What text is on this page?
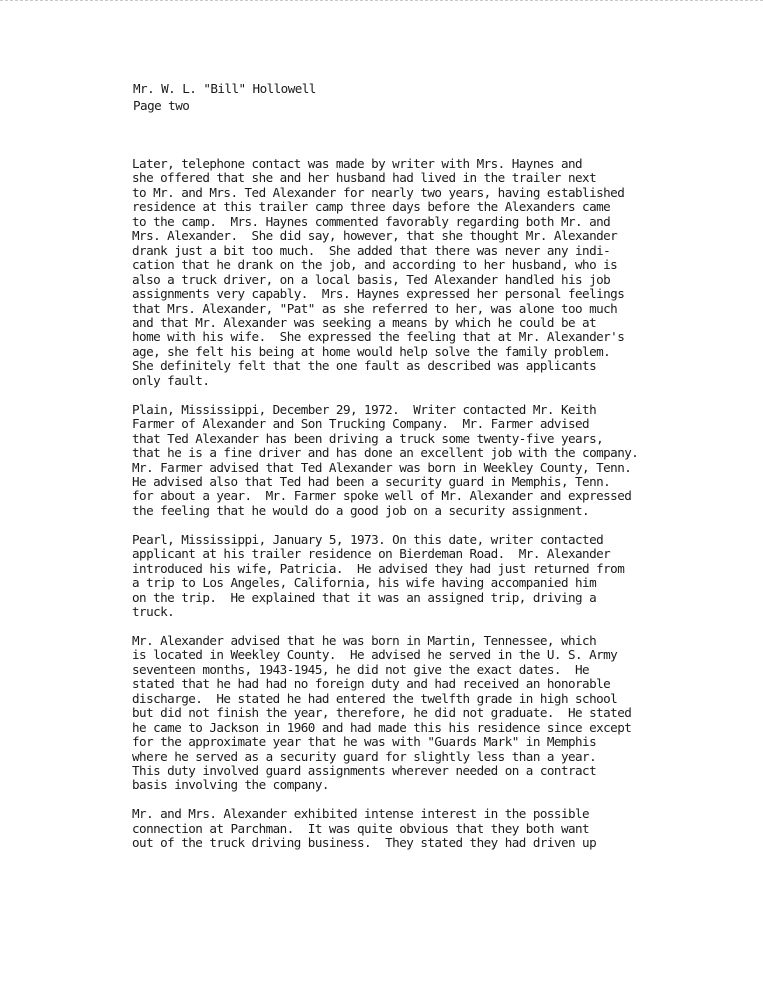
Mr. W. L. "Bill" Hollowell
Page two
Later, telephone contact was made by writer with Mrs. Haynes and
she offered that she and her husband had lived in the trailer next
to Mr. and Mrs. Ted Alexander for nearly two years, having established
residence at this trailer camp three days before the Alexanders came
to the camp.  Mrs. Haynes commented favorably regarding both Mr. and
Mrs. Alexander.  She did say, however, that she thought Mr. Alexander
drank just a bit too much.  She added that there was never any indi-
cation that he drank on the job, and according to her husband, who is
also a truck driver, on a local basis, Ted Alexander handled his job
assignments very capably.  Mrs. Haynes expressed her personal feelings
that Mrs. Alexander, "Pat" as she referred to her, was alone too much
and that Mr. Alexander was seeking a means by which he could be at
home with his wife.  She expressed the feeling that at Mr. Alexander's
age, she felt his being at home would help solve the family problem.
She definitely felt that the one fault as described was applicants
only fault.
Plain, Mississippi, December 29, 1972.  Writer contacted Mr. Keith
Farmer of Alexander and Son Trucking Company.  Mr. Farmer advised
that Ted Alexander has been driving a truck some twenty-five years,
that he is a fine driver and has done an excellent job with the company.
Mr. Farmer advised that Ted Alexander was born in Weekley County, Tenn.
He advised also that Ted had been a security guard in Memphis, Tenn.
for about a year.  Mr. Farmer spoke well of Mr. Alexander and expressed
the feeling that he would do a good job on a security assignment.
Pearl, Mississippi, January 5, 1973. On this date, writer contacted
applicant at his trailer residence on Bierdeman Road.  Mr. Alexander
introduced his wife, Patricia.  He advised they had just returned from
a trip to Los Angeles, California, his wife having accompanied him
on the trip.  He explained that it was an assigned trip, driving a
truck.
Mr. Alexander advised that he was born in Martin, Tennessee, which
is located in Weekley County.  He advised he served in the U. S. Army
seventeen months, 1943-1945, he did not give the exact dates.  He
stated that he had had no foreign duty and had received an honorable
discharge.  He stated he had entered the twelfth grade in high school
but did not finish the year, therefore, he did not graduate.  He stated
he came to Jackson in 1960 and had made this his residence since except
for the approximate year that he was with "Guards Mark" in Memphis
where he served as a security guard for slightly less than a year.
This duty involved guard assignments wherever needed on a contract
basis involving the company.
Mr. and Mrs. Alexander exhibited intense interest in the possible
connection at Parchman.  It was quite obvious that they both want
out of the truck driving business.  They stated they had driven up
